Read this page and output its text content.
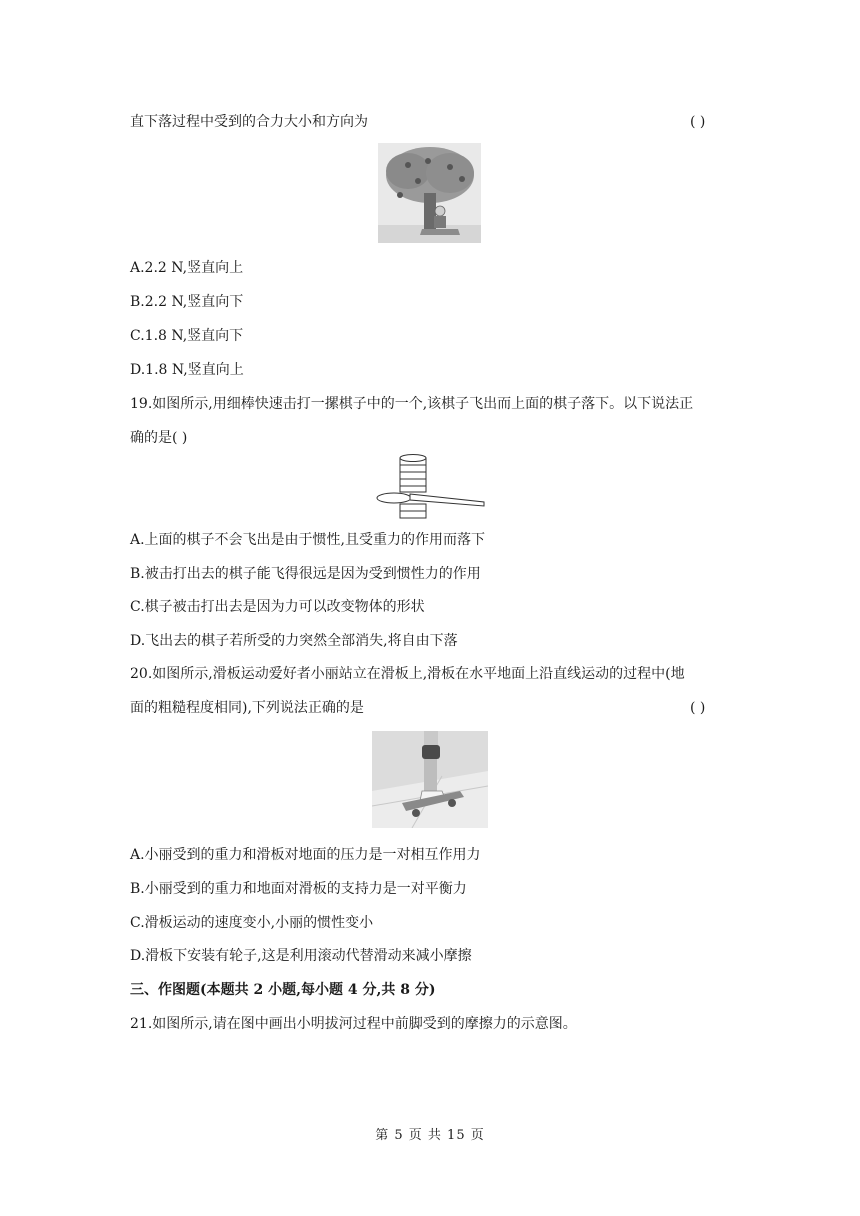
直下落过程中受到的合力大小和方向为	( )
A.2.2 N,竖直向上
B.2.2 N,竖直向下
C.1.8 N,竖直向下
D.1.8 N,竖直向上
19.如图所示,用细棒快速击打一摞棋子中的一个,该棋子飞出而上面的棋子落下。以下说法正
确的是( )
A.上面的棋子不会飞出是由于惯性,且受重力的作用而落下
B.被击打出去的棋子能飞得很远是因为受到惯性力的作用
C.棋子被击打出去是因为力可以改变物体的形状
D.飞出去的棋子若所受的力突然全部消失,将自由下落
20.如图所示,滑板运动爱好者小丽站立在滑板上,滑板在水平地面上沿直线运动的过程中(地
面的粗糙程度相同),下列说法正确的是	( )
A.小丽受到的重力和滑板对地面的压力是一对相互作用力
B.小丽受到的重力和地面对滑板的支持力是一对平衡力
C.滑板运动的速度变小,小丽的惯性变小
D.滑板下安装有轮子,这是利用滚动代替滑动来减小摩擦
三、作图题(本题共 2 小题,每小题 4 分,共 8 分)
21.如图所示,请在图中画出小明拔河过程中前脚受到的摩擦力的示意图。
第 5 页 共 15 页
